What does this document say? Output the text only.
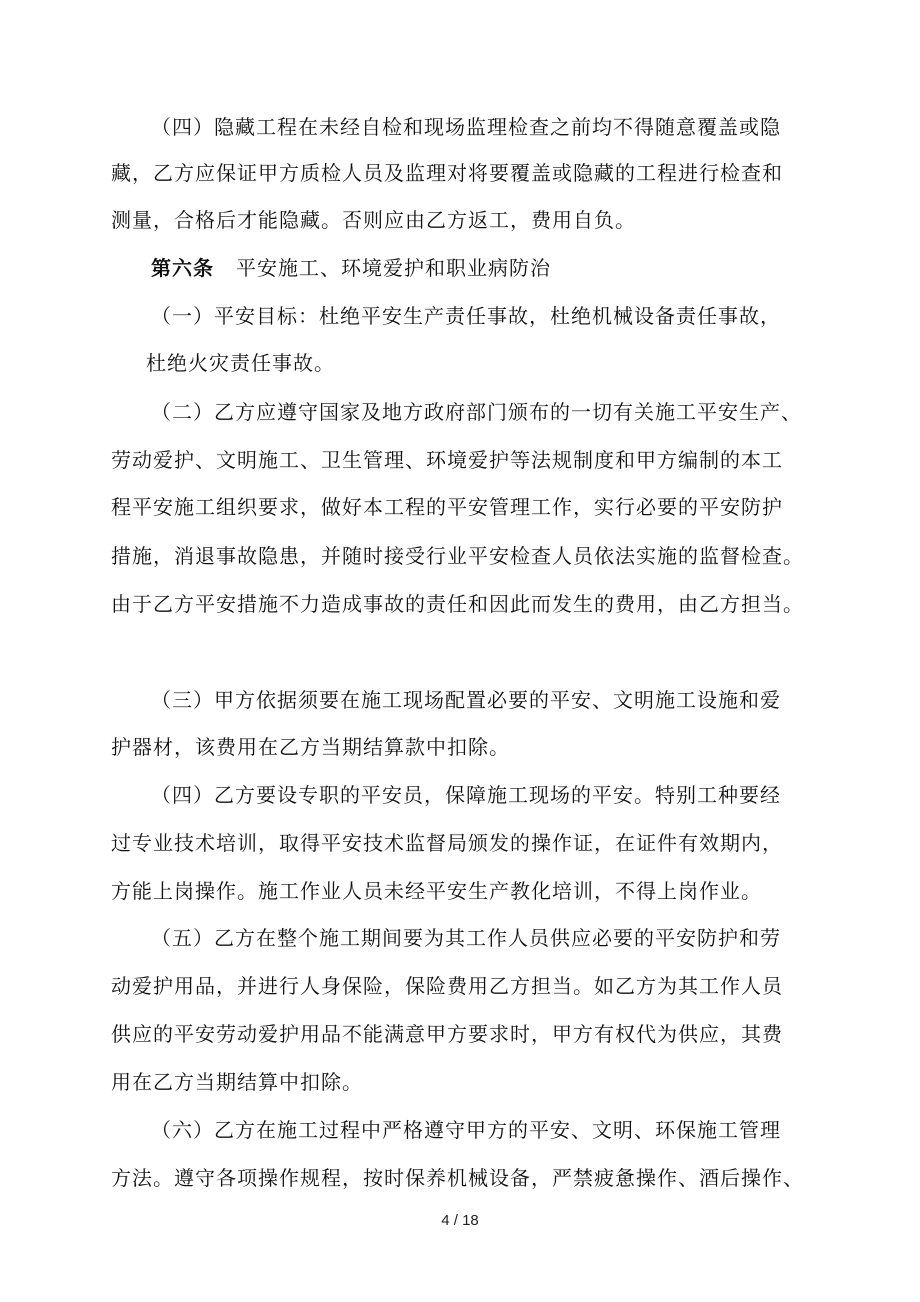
（四）隐藏工程在未经自检和现场监理检查之前均不得随意覆盖或隐

藏，乙方应保证甲方质检人员及监理对将要覆盖或隐藏的工程进行检查和

测量，合格后才能隐藏。否则应由乙方返工，费用自负。

第六条 平安施工、环境爱护和职业病防治

（一）平安目标：杜绝平安生产责任事故，杜绝机械设备责任事故，

杜绝火灾责任事故。

（二）乙方应遵守国家及地方政府部门颁布的一切有关施工平安生产、

劳动爱护、文明施工、卫生管理、环境爱护等法规制度和甲方编制的本工

程平安施工组织要求，做好本工程的平安管理工作，实行必要的平安防护

措施，消退事故隐患，并随时接受行业平安检查人员依法实施的监督检查。

由于乙方平安措施不力造成事故的责任和因此而发生的费用，由乙方担当。

（三）甲方依据须要在施工现场配置必要的平安、文明施工设施和爱

护器材，该费用在乙方当期结算款中扣除。

（四）乙方要设专职的平安员，保障施工现场的平安。特别工种要经

过专业技术培训，取得平安技术监督局颁发的操作证，在证件有效期内，

方能上岗操作。施工作业人员未经平安生产教化培训，不得上岗作业。

（五）乙方在整个施工期间要为其工作人员供应必要的平安防护和劳

动爱护用品，并进行人身保险，保险费用乙方担当。如乙方为其工作人员

供应的平安劳动爱护用品不能满意甲方要求时，甲方有权代为供应，其费

用在乙方当期结算中扣除。

（六）乙方在施工过程中严格遵守甲方的平安、文明、环保施工管理

方法。遵守各项操作规程，按时保养机械设备，严禁疲惫操作、酒后操作、

4 / 18
